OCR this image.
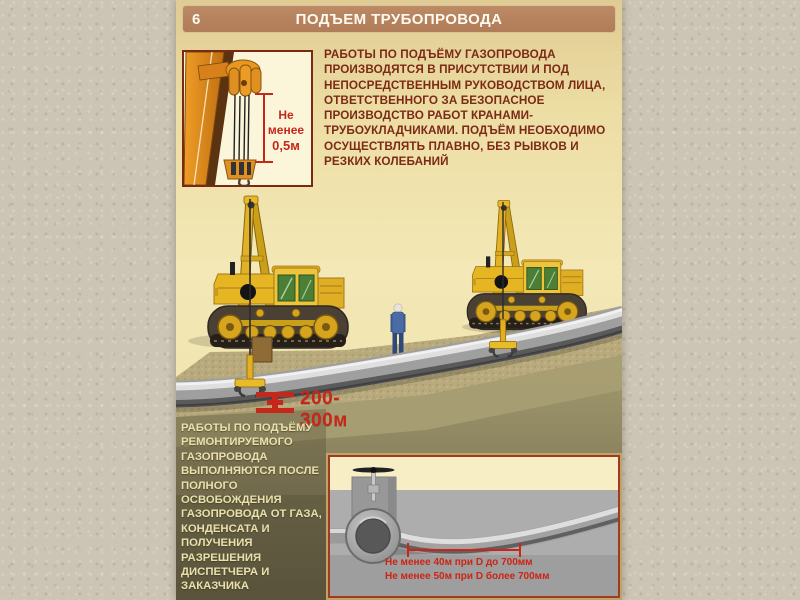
6	ПОДЪЕМ ТРУБОПРОВОДА
Не менее
0,5м
РАБОТЫ ПО ПОДЪЁМУ ГАЗОПРОВОДА ПРОИЗВОДЯТСЯ В ПРИСУТСТВИИ И ПОД НЕПОСРЕДСТВЕННЫМ РУКОВОДСТВОМ ЛИЦА, ОТВЕТСТВЕННОГО ЗА БЕЗОПАСНОЕ ПРОИЗВОДСТВО РАБОТ КРАНАМИ-ТРУБОУКЛАДЧИКАМИ. ПОДЪЁМ НЕОБХОДИМО ОСУЩЕСТВЛЯТЬ ПЛАВНО, БЕЗ РЫВКОВ И РЕЗКИХ КОЛЕБАНИЙ
200-300м
РАБОТЫ ПО ПОДЪЁМУ РЕМОНТИРУЕМОГО ГАЗОПРОВОДА ВЫПОЛНЯЮТСЯ ПОСЛЕ ПОЛНОГО ОСВОБОЖДЕНИЯ ГАЗОПРОВОДА ОТ ГАЗА, КОНДЕНСАТА И ПОЛУЧЕНИЯ РАЗРЕШЕНИЯ ДИСПЕТЧЕРА И ЗАКАЗЧИКА
Не менее 40м при D до 700мм
Не менее 50м при D более 700мм
